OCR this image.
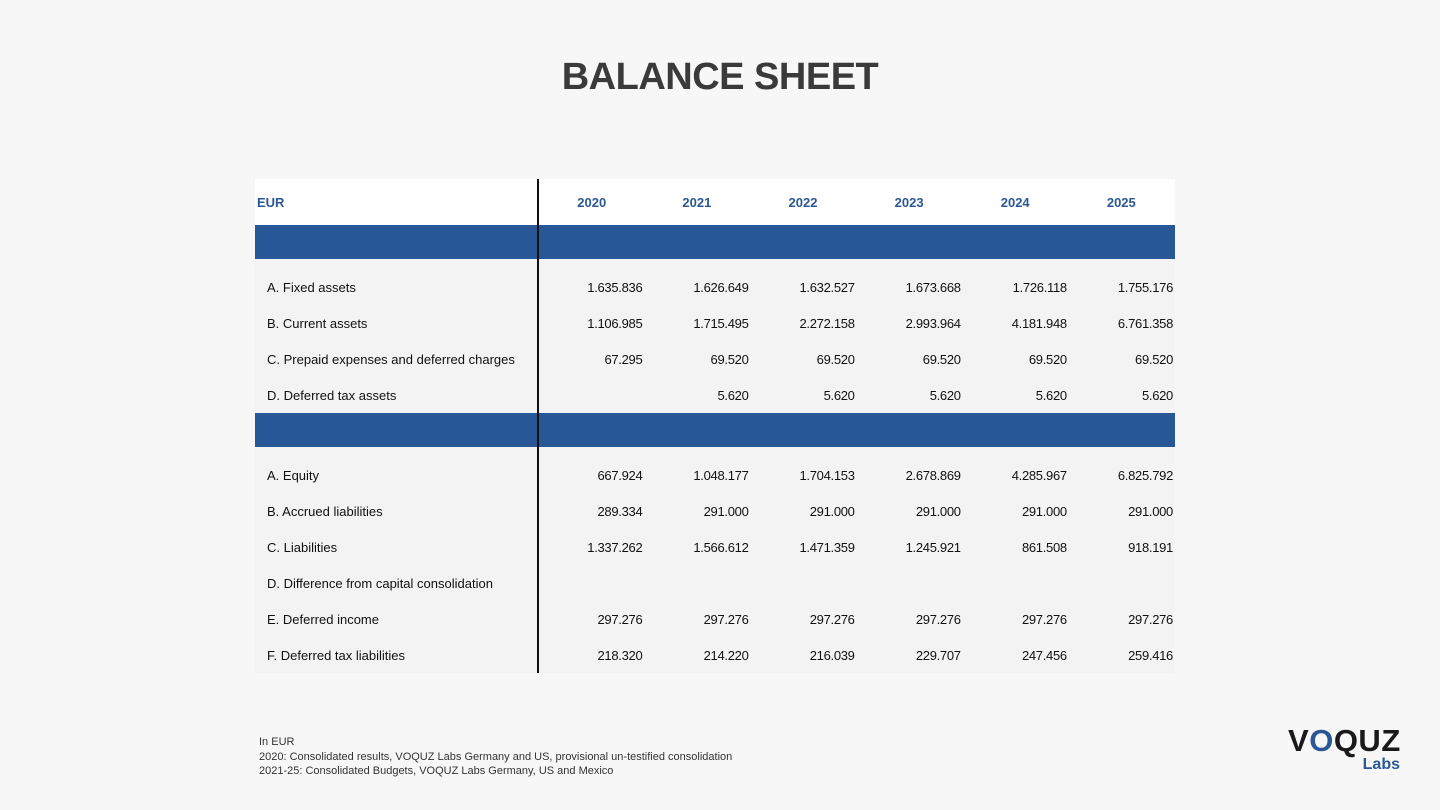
BALANCE SHEET
EUR	2020	2021	2022	2023	2024	2025

A. Fixed assets	1.635.836	1.626.649	1.632.527	1.673.668	1.726.118	1.755.176
B. Current assets	1.106.985	1.715.495	2.272.158	2.993.964	4.181.948	6.761.358
C. Prepaid expenses and deferred charges	67.295	69.520	69.520	69.520	69.520	69.520
D. Deferred tax assets		5.620	5.620	5.620	5.620	5.620

A. Equity	667.924	1.048.177	1.704.153	2.678.869	4.285.967	6.825.792
B. Accrued liabilities	289.334	291.000	291.000	291.000	291.000	291.000
C. Liabilities	1.337.262	1.566.612	1.471.359	1.245.921	861.508	918.191
D. Difference from capital consolidation						
E. Deferred income	297.276	297.276	297.276	297.276	297.276	297.276
F. Deferred tax liabilities	218.320	214.220	216.039	229.707	247.456	259.416
In EUR
2020: Consolidated results, VOQUZ Labs Germany and US, provisional un-testified consolidation
2021-25: Consolidated Budgets, VOQUZ Labs Germany, US and Mexico
VOQUZ
Labs
